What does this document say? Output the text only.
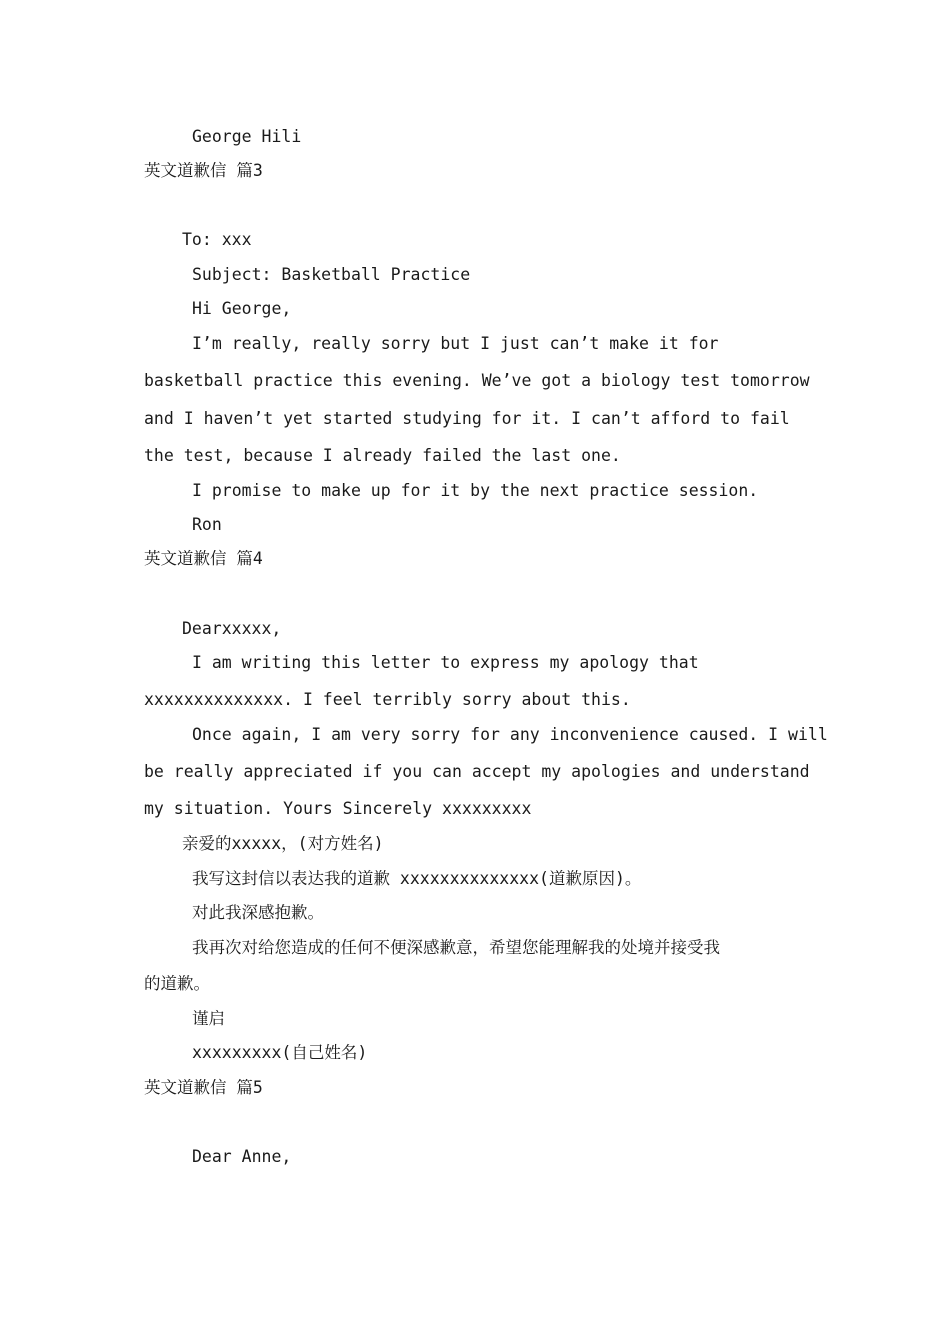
George Hili
英文道歉信 篇3
To: xxx
Subject: Basketball Practice
Hi George,
I’m really, really sorry but I just can’t make it for
basketball practice this evening. We’ve got a biology test tomorrow
and I haven’t yet started studying for it. I can’t afford to fail
the test, because I already failed the last one.
I promise to make up for it by the next practice session.
Ron
英文道歉信 篇4
Dearxxxxx,
I am writing this letter to express my apology that
xxxxxxxxxxxxxx. I feel terribly sorry about this.
Once again, I am very sorry for any inconvenience caused. I will
be really appreciated if you can accept my apologies and understand
my situation. Yours Sincerely xxxxxxxxx
亲爱的xxxxx，(对方姓名)
我写这封信以表达我的道歉 xxxxxxxxxxxxxx(道歉原因)。
对此我深感抱歉。
我再次对给您造成的任何不便深感歉意，希望您能理解我的处境并接受我
的道歉。
谨启
xxxxxxxxx(自己姓名)
英文道歉信 篇5
Dear Anne,
